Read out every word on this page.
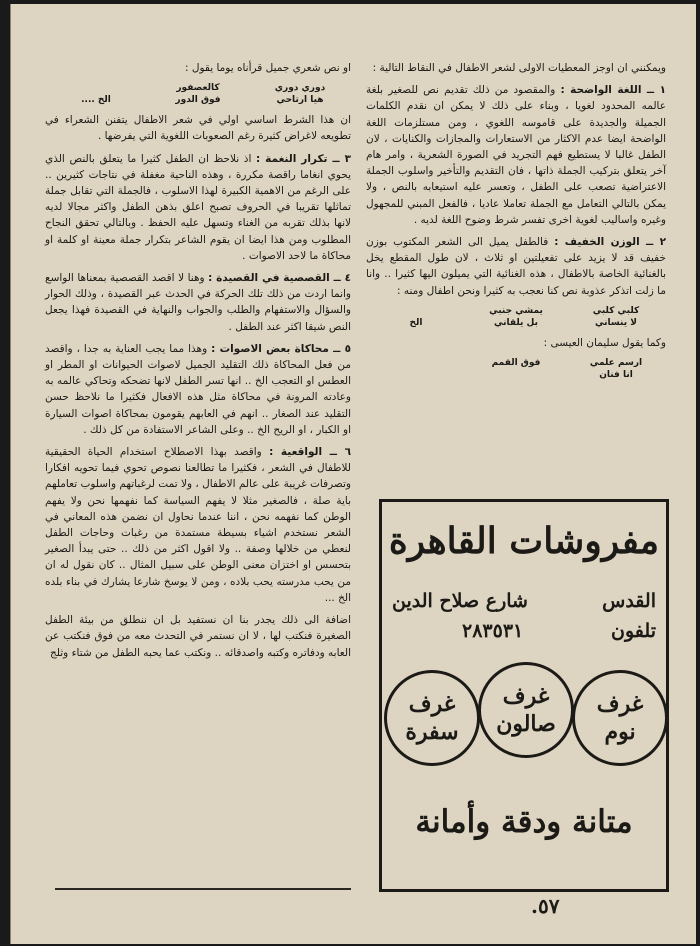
ويمكنني ان اوجز المعطيات الاولى لشعر الاطفال في النقاط التالية :

١ ــ اللغة الواضحة : والمقصود من ذلك تقديم نص للصغير بلغة عالمه المحدود لغويا ، وبناء على ذلك لا يمكن ان نقدم الكلمات الجميلة والجديدة على قاموسه اللغوي ، ومن مستلزمات اللغة الواضحة ايضا عدم الاكثار من الاستعارات والمجازات والكنايات ، لان الطفل غالبا لا يستطيع فهم التجريد في الصورة الشعرية ، وامر هام آخر يتعلق بتركيب الجملة ذاتها ، فان التقديم والتأخير واسلوب الجملة الاعتراضية تصعب على الطفل ، وتعسر عليه استيعابه بالنص ، ولا يمكن بالتالي التعامل مع الجملة تعاملا عاديا ، فالفعل المبني للمجهول وغيره واساليب لغوية اخرى تفسر شرط وضوح اللغة لديه .

٢ ــ الوزن الخفيف : فالطفل يميل الى الشعر المكتوب بوزن خفيف قد لا يزيد على تفعيلتين او ثلاث ، لان طول المقطع يخل بالغنائية الخاصة بالاطفال ، هذه الغنائية التي يميلون اليها كثيرا .. وانا ما زلت اتذكر عذوبة نص كنا نعجب به كثيرا ونحن اطفال ومنه :

كلبي كلبي
يمشي جنبي
لا ينساني
بل يلقاني
الخ

وكما يقول سليمان العيسى :

ارسم علمي
فوق القمم
انا فنان

او نص شعري جميل قرأناه يوما يقول :

دوري دوري
كالعصفور
هيا ارتاحي
فوق الدور
الخ ....

ان هذا الشرط اساسي اولي في شعر الاطفال يتفنن الشعراء في تطويعه لاغراض كثيرة رغم الصعوبات اللغوية التي يفرضها .

٣ ــ تكرار النغمة : اذ نلاحظ ان الطفل كثيرا ما يتعلق بالنص الذي يحوي انغاما راقصة مكررة ، وهذه الناحية مغفلة في نتاجات كثيرين .. على الرغم من الاهمية الكبيرة لهذا الاسلوب ، فالجملة التي تقابل جملة تماثلها تقريبا في الحروف تصبح اعلق بذهن الطفل واكثر مجالا لديه لانها بذلك تقربه من الغناء وتسهل عليه الحفظ . وبالتالي تحقق النجاح المطلوب ومن هذا ايضا ان يقوم الشاعر بتكرار جملة معينة او كلمة او محاكاة ما لاحد الاصوات .

٤ ــ القصصية في القصيدة : وهنا لا اقصد القصصية بمعناها الواسع وانما اردت من ذلك تلك الحركة في الحدث عبر القصيدة ، وذلك الحوار والسؤال والاستفهام والطلب والجواب والنهاية في القصيدة فهذا يجعل النص شيقا اكثر عند الطفل .

٥ ــ محاكاة بعض الاصوات : وهذا مما يجب العناية به جدا ، واقصد من فعل المحاكاة ذلك التقليد الجميل لاصوات الحيوانات او المطر او العطس او التعجب الخ .. انها تسر الطفل لانها تضحكه وتحاكي عالمه به وعادته المرونة في محاكاة مثل هذه الافعال فكثيرا ما نلاحظ حسن التقليد عند الصغار .. انهم في العابهم يقومون بمحاكاة اصوات السيارة او الكبار ، او الريح الخ .. وعلى الشاعر الاستفادة من كل ذلك .

٦ ــ الواقعية : واقصد بهذا الاصطلاح استخدام الحياة الحقيقية للاطفال في الشعر ، فكثيرا ما تطالعنا نصوص تحوي فيما تحويه افكارا وتصرفات غريبة على عالم الاطفال ، ولا تمت لرغباتهم واسلوب تعاملهم باية صلة ، فالصغير مثلا لا يفهم السياسة كما نفهمها نحن ولا يفهم الوطن كما نفهمه نحن ، اننا عندما نحاول ان نضمن هذه المعاني في الشعر نستخدم اشياء بسيطة مستمدة من رغبات وحاجات الطفل لنعطي من خلالها وصفة .. ولا اقول اكثر من ذلك .. حتى يبدأ الصغير بتحسس او اختزان معنى الوطن على سبيل المثال .. كان نقول له ان من يحب مدرسته يحب بلاده ، ومن لا يوسخ شارعا يشارك في بناء بلده الخ ...

اضافة الى ذلك يجدر بنا ان نستفيد بل ان ننطلق من بيئة الطفل الصغيرة فنكتب لها ، لا ان نستمر في التحدث معه من فوق فنكتب عن العابه ودفاتره وكتبه واصدقائه .. ونكتب عما يحبه الطفل من شتاء وثلج

مفروشات القاهرة
القدس
شارع صلاح الدين
تلفون
٢٨٣٥٣١
غرف
نوم
غرف
صالون
غرف
سفرة
متانة ودقة وأمانة
٥٧.
